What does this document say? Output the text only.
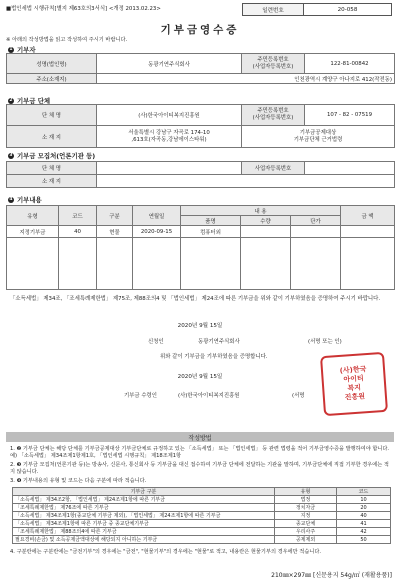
■법인세법 시행규칙[별지 제63호의3서식] <개정 2013.02.23>	일련번호	20-058
기부금영수증
※ 아래의 작성방법을 읽고 작성하여 주시기 바랍니다.
1 기부자
성명(법인명)	동광기연주식회사	주민등록번호
(사업자등록번호)	122-81-00842
주소(소재지)	인천광역시 계양구 아나지로 412(작전동)		
2 기부금 단체
단 체 명	(사)한국아이티복지진흥원	주민등록번호
(사업자등록번호)	107 - 82 - 07519
소 재 지	서울특별시 강남구 자곡로 174-10
,613호(자곡동,강남에이스타워)	기부금공제대상
기부금단체 근거법령	
3 기부금 모집처(언론기관 등)
단 체 명		사업자등록번호	
소 재 지			
4 기부내용
유형	코드	구분	연월일	내 용			금 액
				품명	수량	단가	
지정기부금	40	현물	2020-09-15	컴퓨터외			

「소득세법」 제34조, 「조세특례제한법」 제75조, 제88조의4 및 「법인세법」 제24조에 따른 기부금을 위와 같이 기부하였음을 증명하여 주시기 바랍니다.
2020년 9월 15일
신청인	동광기연주식회사	(서명 또는 인)
위와 같이 기부금을 기부하였음을 증명합니다.
2020년 9월 15일
기부금 수령인	(사)한국아이티복지진흥원	(서명
(사)한국
아이티
복지
진흥원
작성방법
1. ❷ 기부금 단체는 해당 단체를 기부금공제대상 기부금단체로 규정하고 있는 「소득세법」 또는 「법인세법」 등 관련 법령을 적어 기부금영수증을 발행하여야 합니다. 예) 「소득세법」 제34조제1항제1호, 「법인세법 시행규칙」 제18조제1항
2. ❸ 기부금 모집처(언론기관 등)는 방송사, 신문사, 통신회사 등 기부금을 대신 접수하여 기부금 단체에 전달하는 기관을 말하며, 기부금단체에 직접 기부한 경우에는 적지 않습니다.
3. ❹ 기부내용의 유형 및 코드는 다음 구분에 따라 적습니다.
기부금 구분	유형	코드
「소득세법」 제34조2항, 「법인세법」 제24조제1항에 따른 기부금	법정	10
「조세특례제한법」 제76조에 따른 기부금	정치자금	20
「소득세법」 제34조제1항(종교단체 기부금 제외), 「법인세법」 제24조제1항에 따른 기부금	지정	40
「소득세법」 제34조제1항에 따른 기부금 중 종교단체기부금	종교단체	41
「조세특례제한법」 제88조의4에 따른 기부금	우리사주	42
필요경비(손금) 및 소득공제금액대상에 해당되지 아니하는 기부금	공제제외	50
4. 구분란에는 구분란에는 "금전기부"의 경우에는 "금전", "현물기부"의 경우에는 "현물"로 적고, 내용란은 현물기부의 경우에만 적습니다.
210㎜×297㎜ [신문용지 54g/㎡ (재활용품)]
